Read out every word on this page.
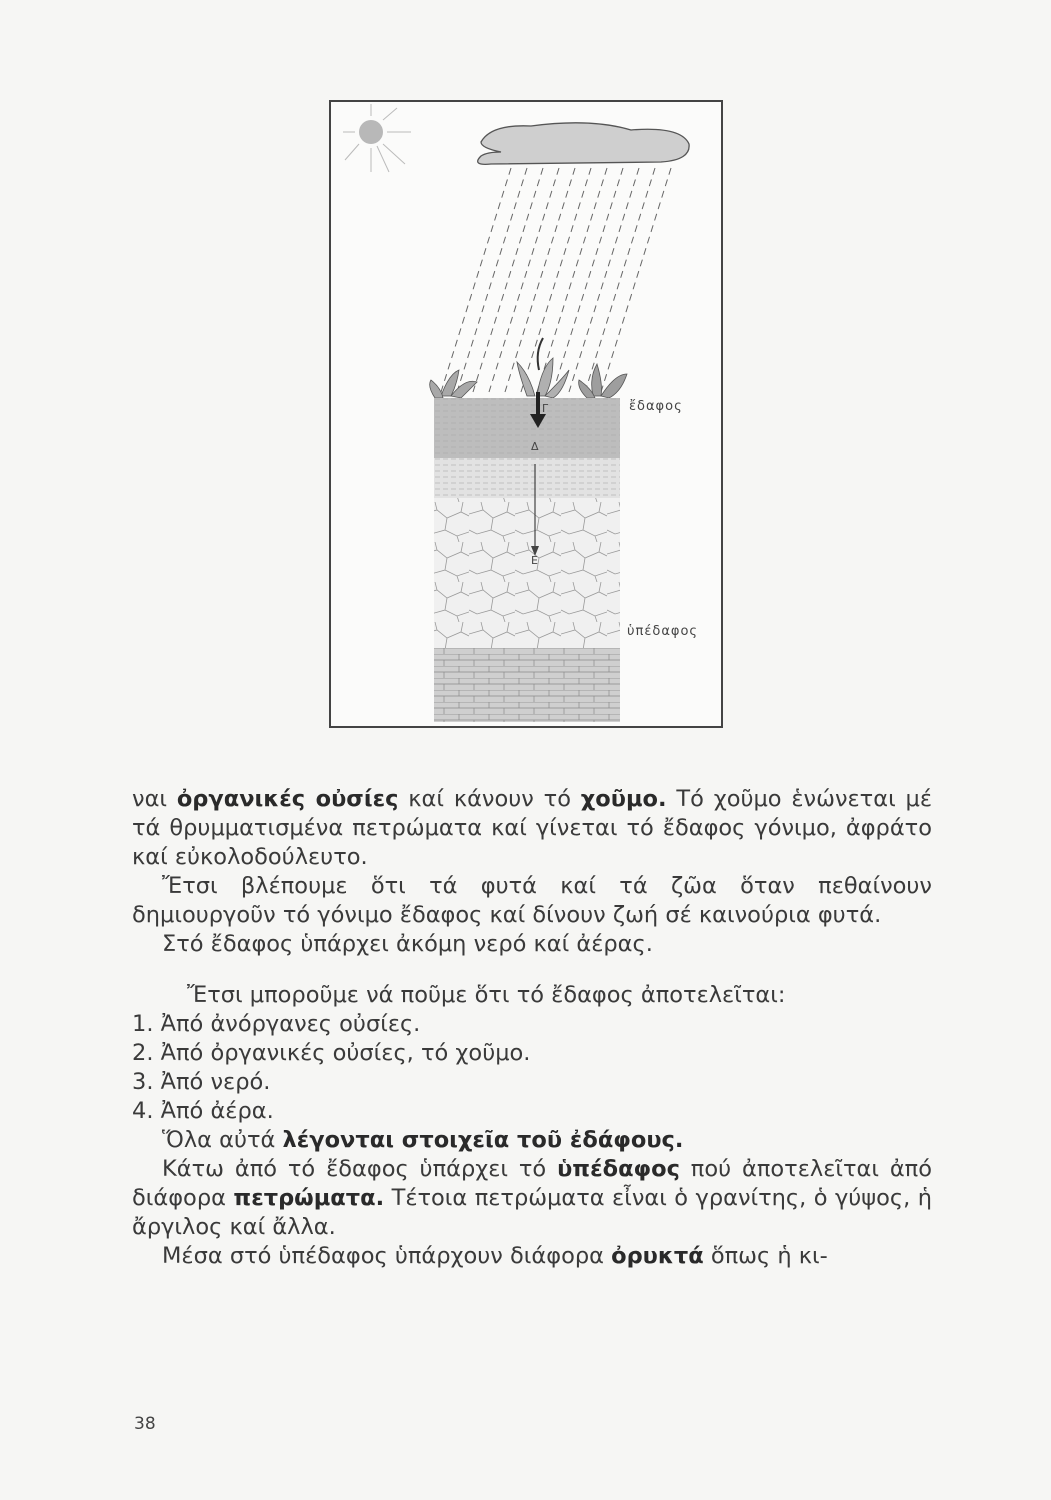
Γ
Δ
Ε
ἔδαφος
ὑπέδαφος

ναι ὀργανικές οὐσίες καί κάνουν τό χοῦμο. Τό χοῦμο ἑνώνεται μέ τά θρυμματισμένα πετρώματα καί γίνεται τό ἔδαφος γόνιμο, ἀφράτο καί εὐκολοδούλευτο.

Ἔτσι βλέπουμε ὅτι τά φυτά καί τά ζῶα ὅταν πεθαίνουν δημιουργοῦν τό γόνιμο ἔδαφος καί δίνουν ζωή σέ καινούρια φυτά.

Στό ἔδαφος ὑπάρχει ἀκόμη νερό καί ἀέρας.

Ἔτσι μποροῦμε νά ποῦμε ὅτι τό ἔδαφος ἀποτελεῖται:

1. Ἀπό ἀνόργανες οὐσίες.

2. Ἀπό ὀργανικές οὐσίες, τό χοῦμο.

3. Ἀπό νερό.

4. Ἀπό ἀέρα.

Ὅλα αὐτά λέγονται στοιχεῖα τοῦ ἐδάφους.

Κάτω ἀπό τό ἔδαφος ὑπάρχει τό ὑπέδαφος πού ἀποτελεῖται ἀπό διάφορα πετρώματα. Τέτοια πετρώματα εἶναι ὁ γρανίτης, ὁ γύψος, ἡ ἄργιλος καί ἄλλα.

Μέσα στό ὑπέδαφος ὑπάρχουν διάφορα ὀρυκτά ὅπως ἡ κι-

38
